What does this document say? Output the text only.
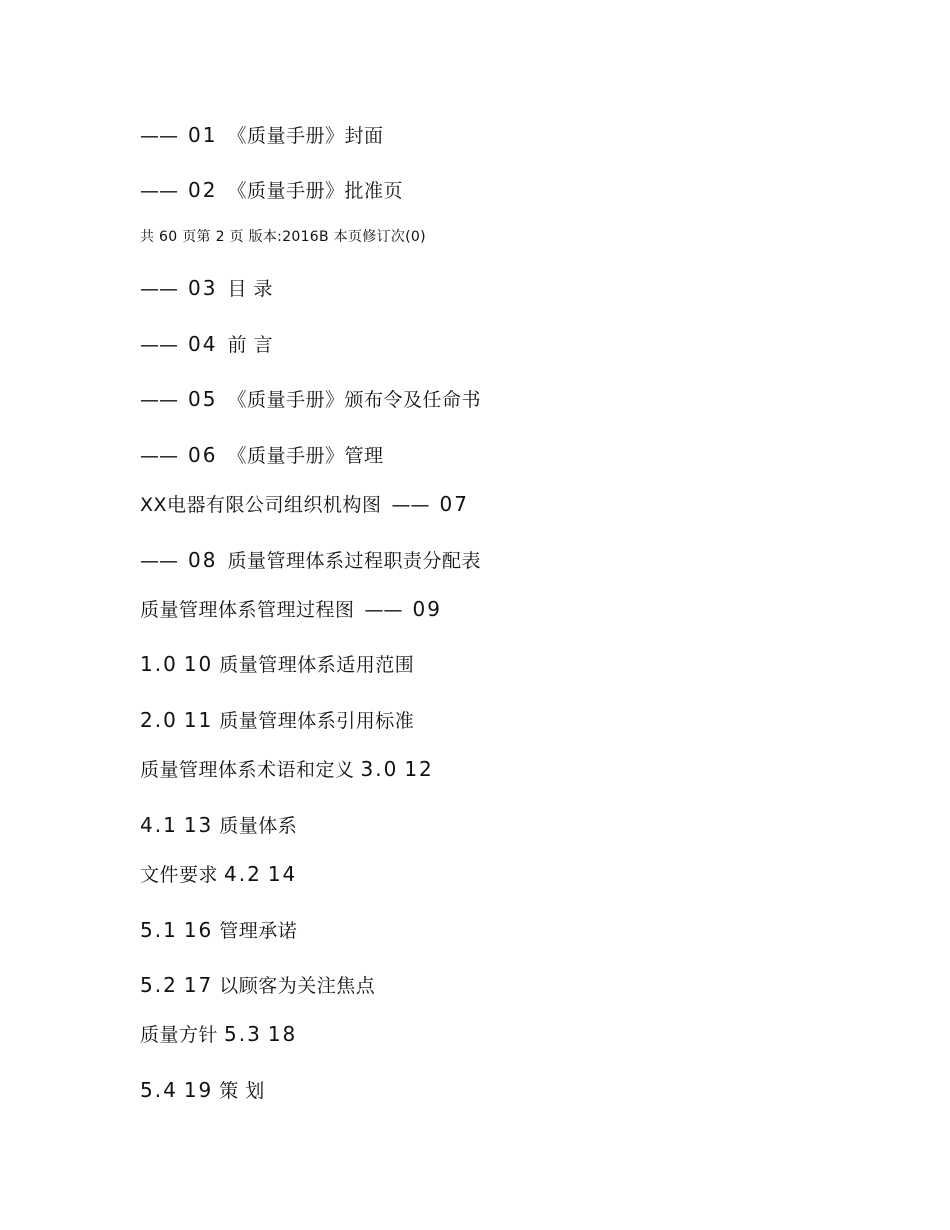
—— 01 《质量手册》封面
—— 02 《质量手册》批准页
共 60 页第 2 页 版本:2016B 本页修订次(0)
—— 03 目 录
—— 04 前 言
—— 05 《质量手册》颁布令及任命书
—— 06 《质量手册》管理
XX电器有限公司组织机构图 —— 07
—— 08 质量管理体系过程职责分配表
质量管理体系管理过程图 —— 09
1.0 10 质量管理体系适用范围
2.0 11 质量管理体系引用标准
质量管理体系术语和定义 3.0 12
4.1 13 质量体系
文件要求 4.2 14
5.1 16 管理承诺
5.2 17 以顾客为关注焦点
质量方针 5.3 18
5.4 19 策 划
